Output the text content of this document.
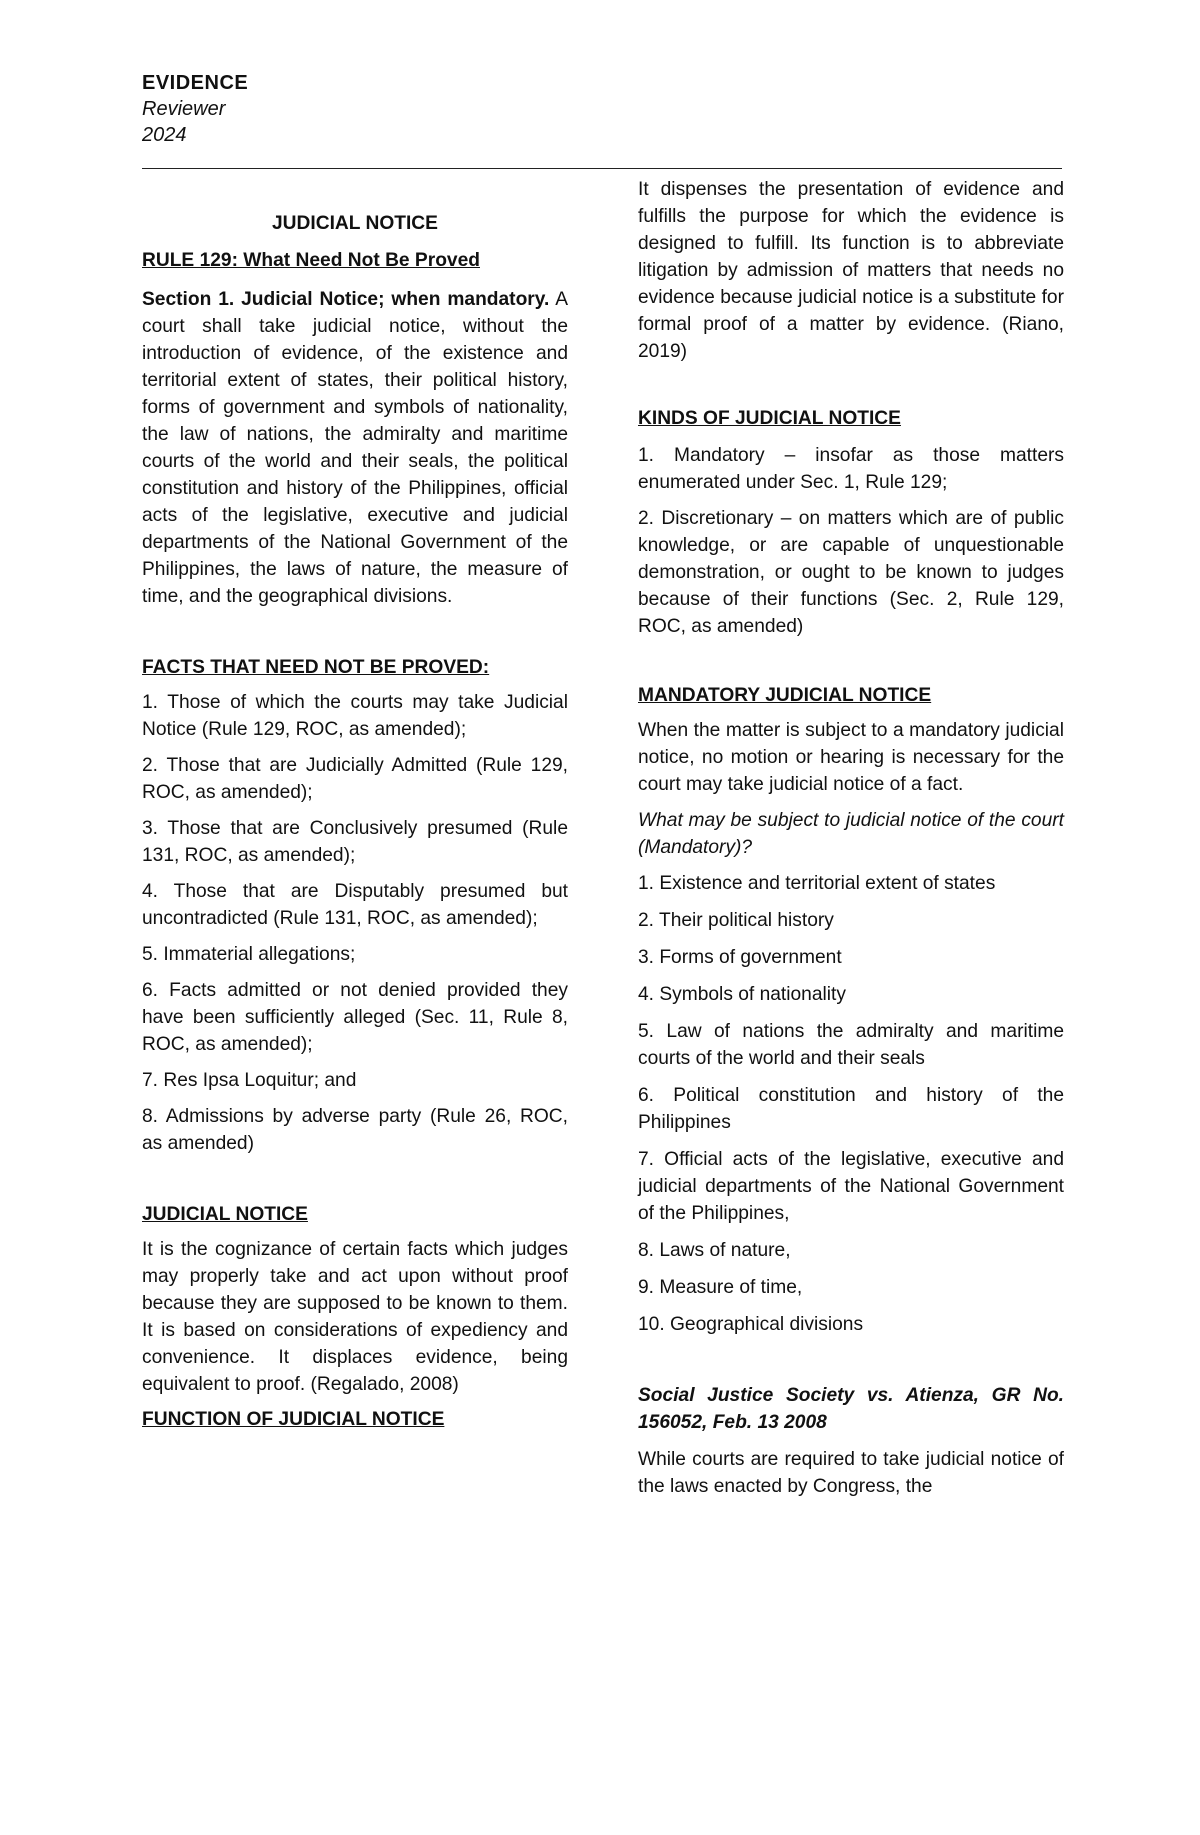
EVIDENCE
Reviewer
2024

JUDICIAL NOTICE

RULE 129: What Need Not Be Proved

Section 1. Judicial Notice; when mandatory. A court shall take judicial notice, without the introduction of evidence, of the existence and territorial extent of states, their political history, forms of government and symbols of nationality, the law of nations, the admiralty and maritime courts of the world and their seals, the political constitution and history of the Philippines, official acts of the legislative, executive and judicial departments of the National Government of the Philippines, the laws of nature, the measure of time, and the geographical divisions.

FACTS THAT NEED NOT BE PROVED:

1. Those of which the courts may take Judicial Notice (Rule 129, ROC, as amended);
2. Those that are Judicially Admitted (Rule 129, ROC, as amended);
3. Those that are Conclusively presumed (Rule 131, ROC, as amended);
4. Those that are Disputably presumed but uncontradicted (Rule 131, ROC, as amended);
5. Immaterial allegations;
6. Facts admitted or not denied provided they have been sufficiently alleged (Sec. 11, Rule 8, ROC, as amended);
7. Res Ipsa Loquitur; and
8. Admissions by adverse party (Rule 26, ROC, as amended)

JUDICIAL NOTICE

It is the cognizance of certain facts which judges may properly take and act upon without proof because they are supposed to be known to them. It is based on considerations of expediency and convenience. It displaces evidence, being equivalent to proof. (Regalado, 2008)

FUNCTION OF JUDICIAL NOTICE

It dispenses the presentation of evidence and fulfills the purpose for which the evidence is designed to fulfill. Its function is to abbreviate litigation by admission of matters that needs no evidence because judicial notice is a substitute for formal proof of a matter by evidence. (Riano, 2019)

KINDS OF JUDICIAL NOTICE

1. Mandatory – insofar as those matters enumerated under Sec. 1, Rule 129;
2. Discretionary – on matters which are of public knowledge, or are capable of unquestionable demonstration, or ought to be known to judges because of their functions (Sec. 2, Rule 129, ROC, as amended)

MANDATORY JUDICIAL NOTICE

When the matter is subject to a mandatory judicial notice, no motion or hearing is necessary for the court may take judicial notice of a fact.

What may be subject to judicial notice of the court (Mandatory)?

1. Existence and territorial extent of states
2. Their political history
3. Forms of government
4. Symbols of nationality
5. Law of nations the admiralty and maritime courts of the world and their seals
6. Political constitution and history of the Philippines
7. Official acts of the legislative, executive and judicial departments of the National Government of the Philippines,
8. Laws of nature,
9. Measure of time,
10. Geographical divisions

Social Justice Society vs. Atienza, GR No. 156052, Feb. 13 2008

While courts are required to take judicial notice of the laws enacted by Congress, the
